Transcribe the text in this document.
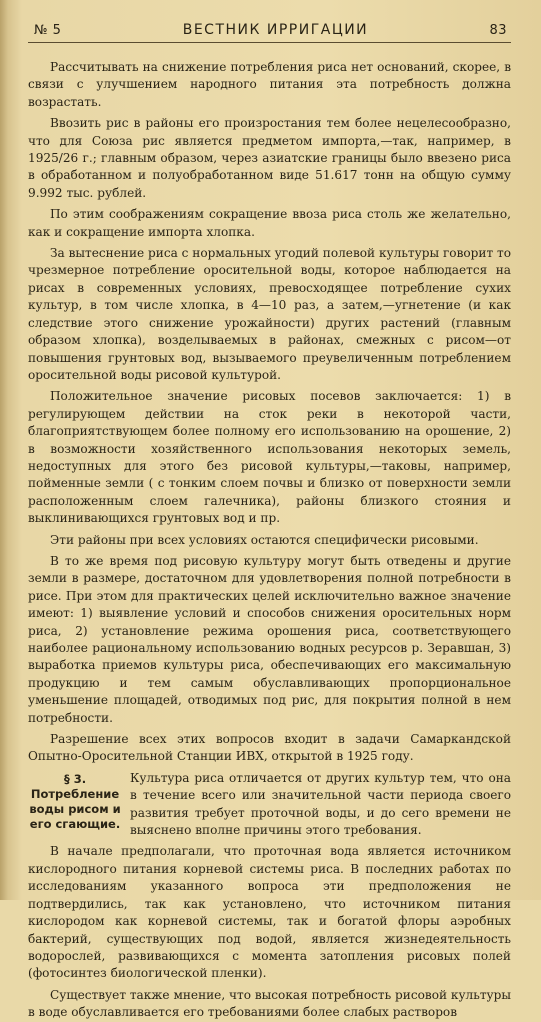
№ 5	ВЕСТНИК ИРРИГАЦИИ	83

Рассчитывать на снижение потребления риса нет оснований, скорее, в связи с улучшением народного питания эта потребность должна возрастать.

Ввозить рис в районы его произростания тем более нецелесообразно, что для Союза рис является предметом импорта,—так, например, в 1925/26 г.; главным образом, через азиатские границы было ввезено риса в обработанном и полуобработанном виде 51.617 тонн на общую сумму 9.992 тыс. рублей.

По этим соображениям сокращение ввоза риса столь же желательно, как и сокращение импорта хлопка.

За вытеснение риса с нормальных угодий полевой культуры говорит то чрезмерное потребление оросительной воды, которое наблюдается на рисах в современных условиях, превосходящее потребление сухих культур, в том числе хлопка, в 4—10 раз, а затем,—угнетение (и как следствие этого снижение урожайности) других растений (главным образом хлопка), возделываемых в районах, смежных с рисом—от повышения грунтовых вод, вызываемого преувеличенным потреблением оросительной воды рисовой культурой.

Положительное значение рисовых посевов заключается: 1) в регулирующем действии на сток реки в некоторой части, благоприятствующем более полному его использованию на орошение, 2) в возможности хозяйственного использования некоторых земель, недоступных для этого без рисовой культуры,—таковы, например, пойменные земли ( с тонким слоем почвы и близко от поверхности земли расположенным слоем галечника), районы близкого стояния и выклинивающихся грунтовых вод и пр.

Эти районы при всех условиях остаются специфически рисовыми.

В то же время под рисовую культуру могут быть отведены и другие земли в размере, достаточном для удовлетворения полной потребности в рисе. При этом для практических целей исключительно важное значение имеют: 1) выявление условий и способов снижения оросительных норм риса, 2) установление режима орошения риса, соответствующего наиболее рациональному использованию водных ресурсов р. Зеравшан, 3) выработка приемов культуры риса, обеспечивающих его максимальную продукцию и тем самым обуславливающих пропорциональное уменьшение площадей, отводимых под рис, для покрытия полной в нем потребности.

Разрешение всех этих вопросов входит в задачи Самаркандской Опытно-Оросительной Станции ИВХ, открытой в 1925 году.

§ 3. Потребление воды рисом и его сгающие.

Культура риса отличается от других культур тем, что она в течение всего или значительной части периода своего развития требует проточной воды, и до сего времени не выяснено вполне причины этого требования.

В начале предполагали, что проточная вода является источником кислородного питания корневой системы риса. В последних работах по исследованиям указанного вопроса эти предположения не подтвердились, так как установлено, что источником питания кислородом как корневой системы, так и богатой флоры аэробных бактерий, существующих под водой, является жизнедеятельность водорослей, развивающихся с момента затопления рисовых полей (фотосинтез биологической пленки).

Существует также мнение, что высокая потребность рисовой культуры в воде обуславливается его требованиями более слабых растворов
